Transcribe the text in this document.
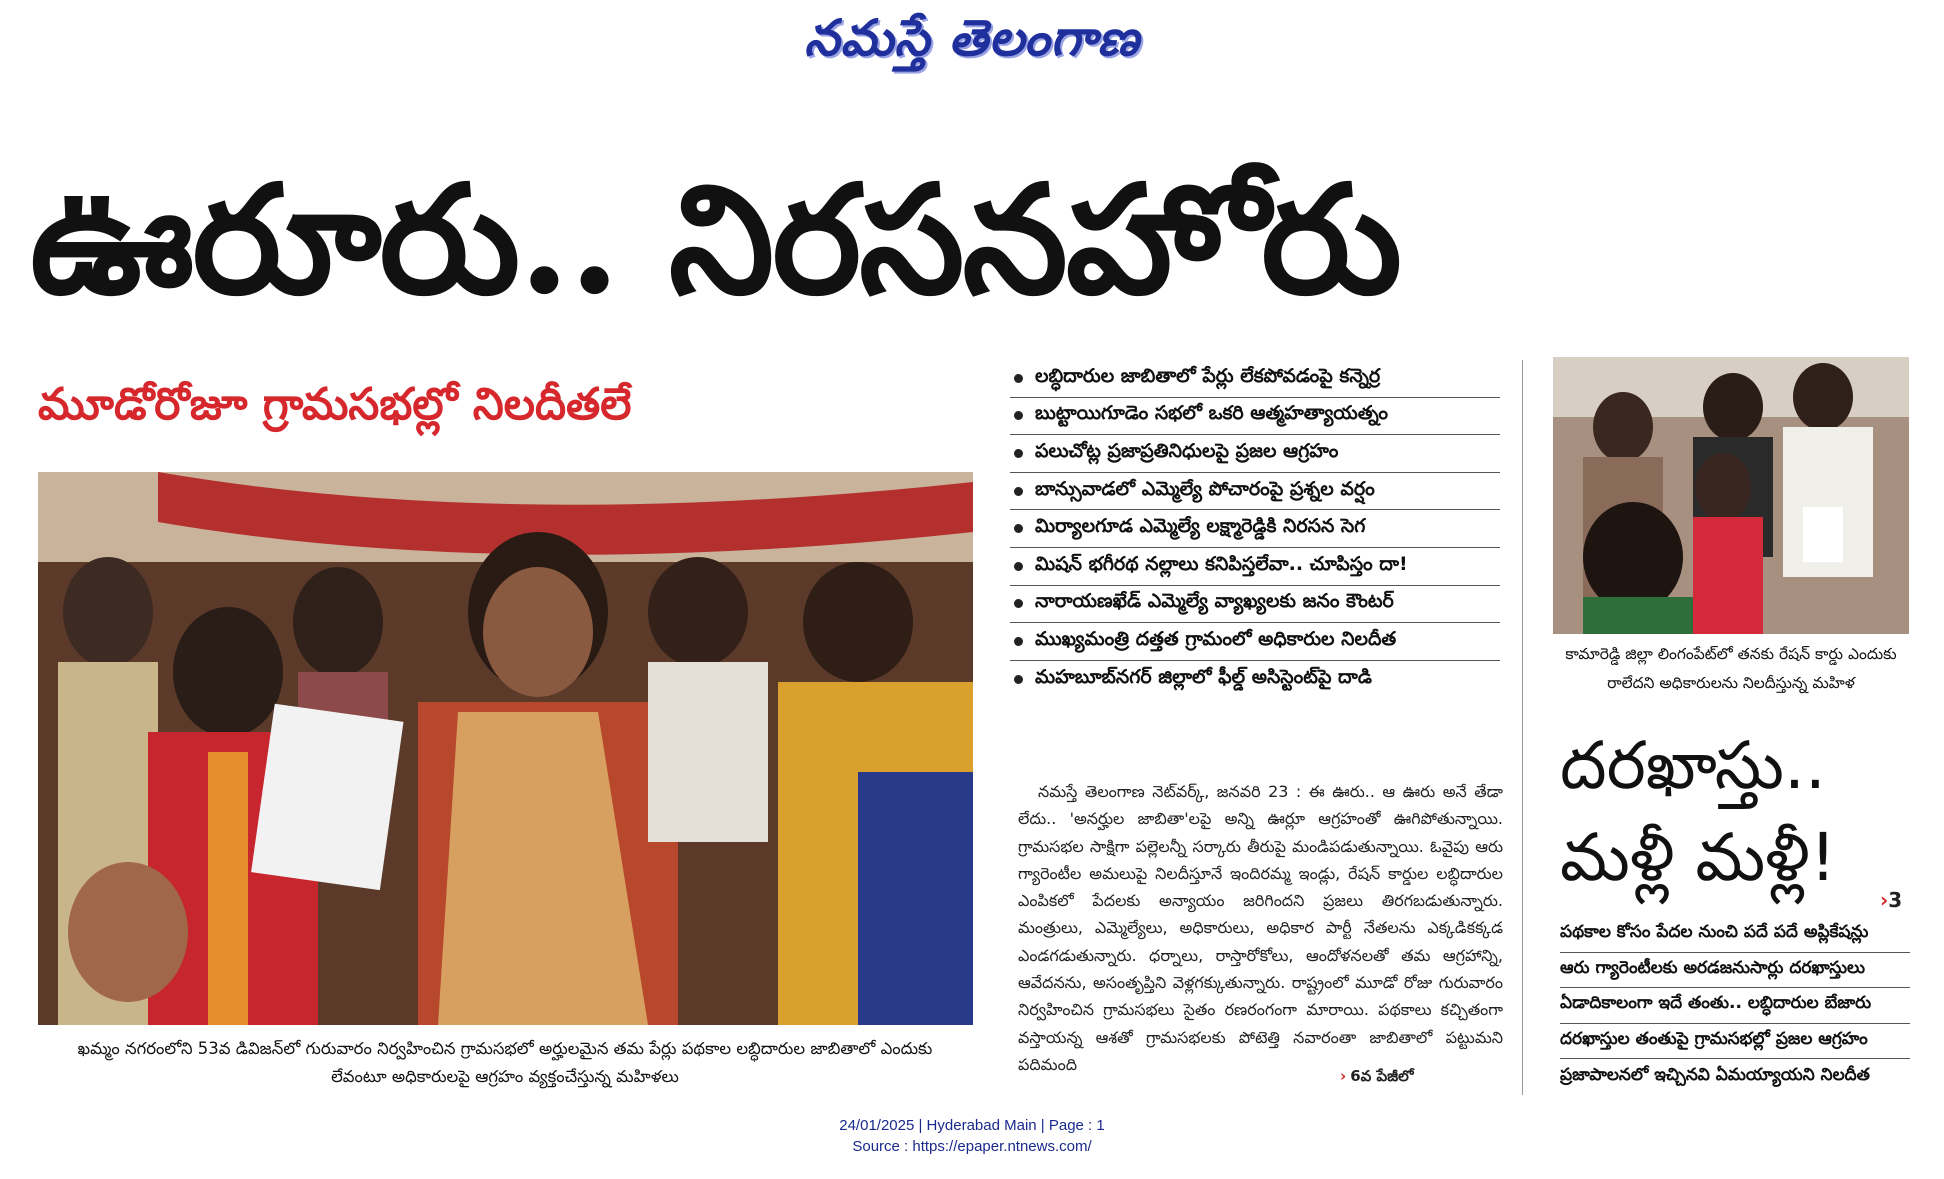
నమస్తే తెలంగాణ
ఊరూరు.. నిరసనహోరు
మూడోరోజూ గ్రామసభల్లో నిలదీతలే
ఖమ్మం నగరంలోని 53వ డివిజన్‌లో గురువారం నిర్వహించిన గ్రామసభలో అర్హులమైన తమ పేర్లు పథకాల లబ్ధిదారుల జాబితాలో ఎందుకు లేవంటూ అధికారులపై ఆగ్రహం వ్యక్తంచేస్తున్న మహిళలు
లబ్ధిదారుల జాబితాలో పేర్లు లేకపోవడంపై కన్నెర్ర
బుట్టాయిగూడెం సభలో ఒకరి ఆత్మహత్యాయత్నం
పలుచోట్ల ప్రజాప్రతినిధులపై ప్రజల ఆగ్రహం
బాన్సువాడలో ఎమ్మెల్యే పోచారంపై ప్రశ్నల వర్షం
మిర్యాలగూడ ఎమ్మెల్యే లక్ష్మారెడ్డికి నిరసన సెగ
మిషన్ భగీరథ నల్లాలు కనిపిస్తలేవా.. చూపిస్తం దా!
నారాయణఖేడ్ ఎమ్మెల్యే వ్యాఖ్యలకు జనం కౌంటర్
ముఖ్యమంత్రి దత్తత గ్రామంలో అధికారుల నిలదీత
మహబూబ్‌నగర్ జిల్లాలో ఫీల్డ్ అసిస్టెంట్‌పై దాడి

నమస్తే తెలంగాణ నెట్‌వర్క్, జనవరి 23 : ఈ ఊరు.. ఆ ఊరు అనే తేడా లేదు.. 'అనర్హుల జాబితా'లపై అన్ని ఊర్లూ ఆగ్రహంతో ఊగిపోతున్నాయి. గ్రామసభల సాక్షిగా పల్లెలన్నీ సర్కారు తీరుపై మండిపడుతున్నాయి. ఓవైపు ఆరు గ్యారెంటీల అమలుపై నిలదీస్తూనే ఇందిరమ్మ ఇండ్లు, రేషన్ కార్డుల లబ్ధిదారుల ఎంపికలో పేదలకు అన్యాయం జరిగిందని ప్రజలు తిరగబడుతున్నారు. మంత్రులు, ఎమ్మెల్యేలు, అధికారులు, అధికార పార్టీ నేతలను ఎక్కడికక్కడ ఎండగడుతున్నారు. ధర్నాలు, రాస్తారోకోలు, ఆందోళనలతో తమ ఆగ్రహాన్ని, ఆవేదనను, అసంతృప్తిని వెళ్లగక్కుతున్నారు. రాష్ట్రంలో మూడో రోజు గురువారం నిర్వహించిన గ్రామసభలు సైతం రణరంగంగా మారాయి. పథకాలు కచ్చితంగా వస్తాయన్న ఆశతో గ్రామసభలకు పోటెత్తి నవారంతా జాబితాలో పట్టుమని పదిమంది

› 6వ పేజీలో
కామారెడ్డి జిల్లా లింగంపేట్‌లో తనకు రేషన్ కార్డు ఎందుకు రాలేదని అధికారులను నిలదీస్తున్న మహిళ
దరఖాస్తు..
మళ్లీ మళ్లీ!
›3
పథకాల కోసం పేదల నుంచి పదే పదే అప్లికేషన్లు
ఆరు గ్యారెంటీలకు అరడజనుసార్లు దరఖాస్తులు
ఏడాదికాలంగా ఇదే తంతు.. లబ్ధిదారుల బేజారు
దరఖాస్తుల తంతుపై గ్రామసభల్లో ప్రజల ఆగ్రహం
ప్రజాపాలనలో ఇచ్చినవి ఏమయ్యాయని నిలదీత
24/01/2025 | Hyderabad Main | Page : 1
Source : https://epaper.ntnews.com/
